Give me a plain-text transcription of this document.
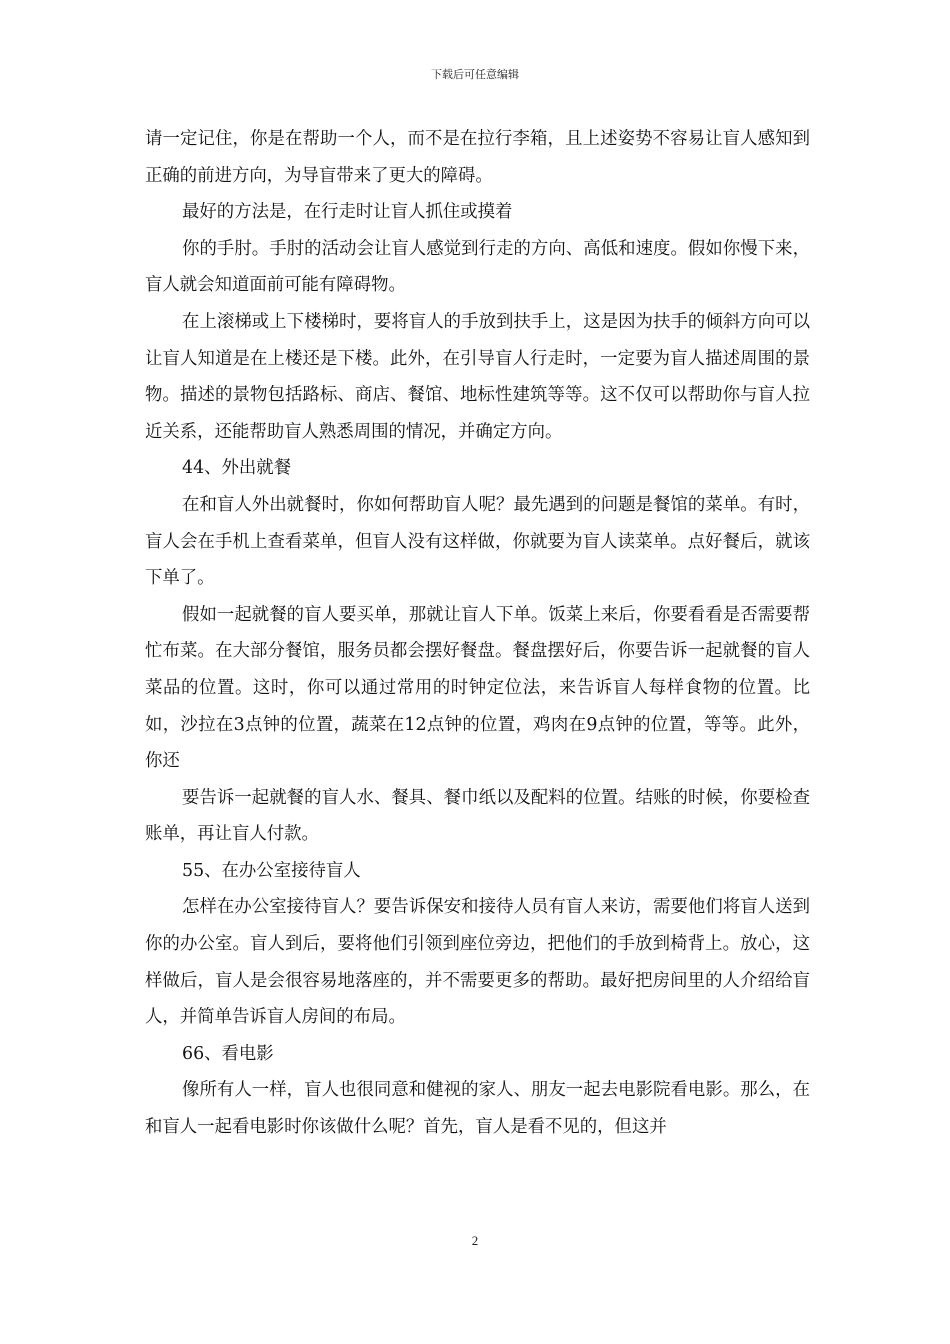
下载后可任意编辑

请一定记住，你是在帮助一个人，而不是在拉行李箱，且上述姿势不容易让盲人感知到正确的前进方向，为导盲带来了更大的障碍。

最好的方法是，在行走时让盲人抓住或摸着

你的手肘。手肘的活动会让盲人感觉到行走的方向、高低和速度。假如你慢下来，盲人就会知道面前可能有障碍物。

在上滚梯或上下楼梯时，要将盲人的手放到扶手上，这是因为扶手的倾斜方向可以让盲人知道是在上楼还是下楼。此外，在引导盲人行走时，一定要为盲人描述周围的景物。描述的景物包括路标、商店、餐馆、地标性建筑等等。这不仅可以帮助你与盲人拉近关系，还能帮助盲人熟悉周围的情况，并确定方向。

44、外出就餐

在和盲人外出就餐时，你如何帮助盲人呢？最先遇到的问题是餐馆的菜单。有时，盲人会在手机上查看菜单，但盲人没有这样做，你就要为盲人读菜单。点好餐后，就该下单了。

假如一起就餐的盲人要买单，那就让盲人下单。饭菜上来后，你要看看是否需要帮忙布菜。在大部分餐馆，服务员都会摆好餐盘。餐盘摆好后，你要告诉一起就餐的盲人菜品的位置。这时，你可以通过常用的时钟定位法，来告诉盲人每样食物的位置。比如，沙拉在3点钟的位置，蔬菜在12点钟的位置，鸡肉在9点钟的位置，等等。此外，你还

要告诉一起就餐的盲人水、餐具、餐巾纸以及配料的位置。结账的时候，你要检查账单，再让盲人付款。

55、在办公室接待盲人

怎样在办公室接待盲人？要告诉保安和接待人员有盲人来访，需要他们将盲人送到你的办公室。盲人到后，要将他们引领到座位旁边，把他们的手放到椅背上。放心，这样做后，盲人是会很容易地落座的，并不需要更多的帮助。最好把房间里的人介绍给盲人，并简单告诉盲人房间的布局。

66、看电影

像所有人一样，盲人也很同意和健视的家人、朋友一起去电影院看电影。那么，在和盲人一起看电影时你该做什么呢？首先，盲人是看不见的，但这并

2
